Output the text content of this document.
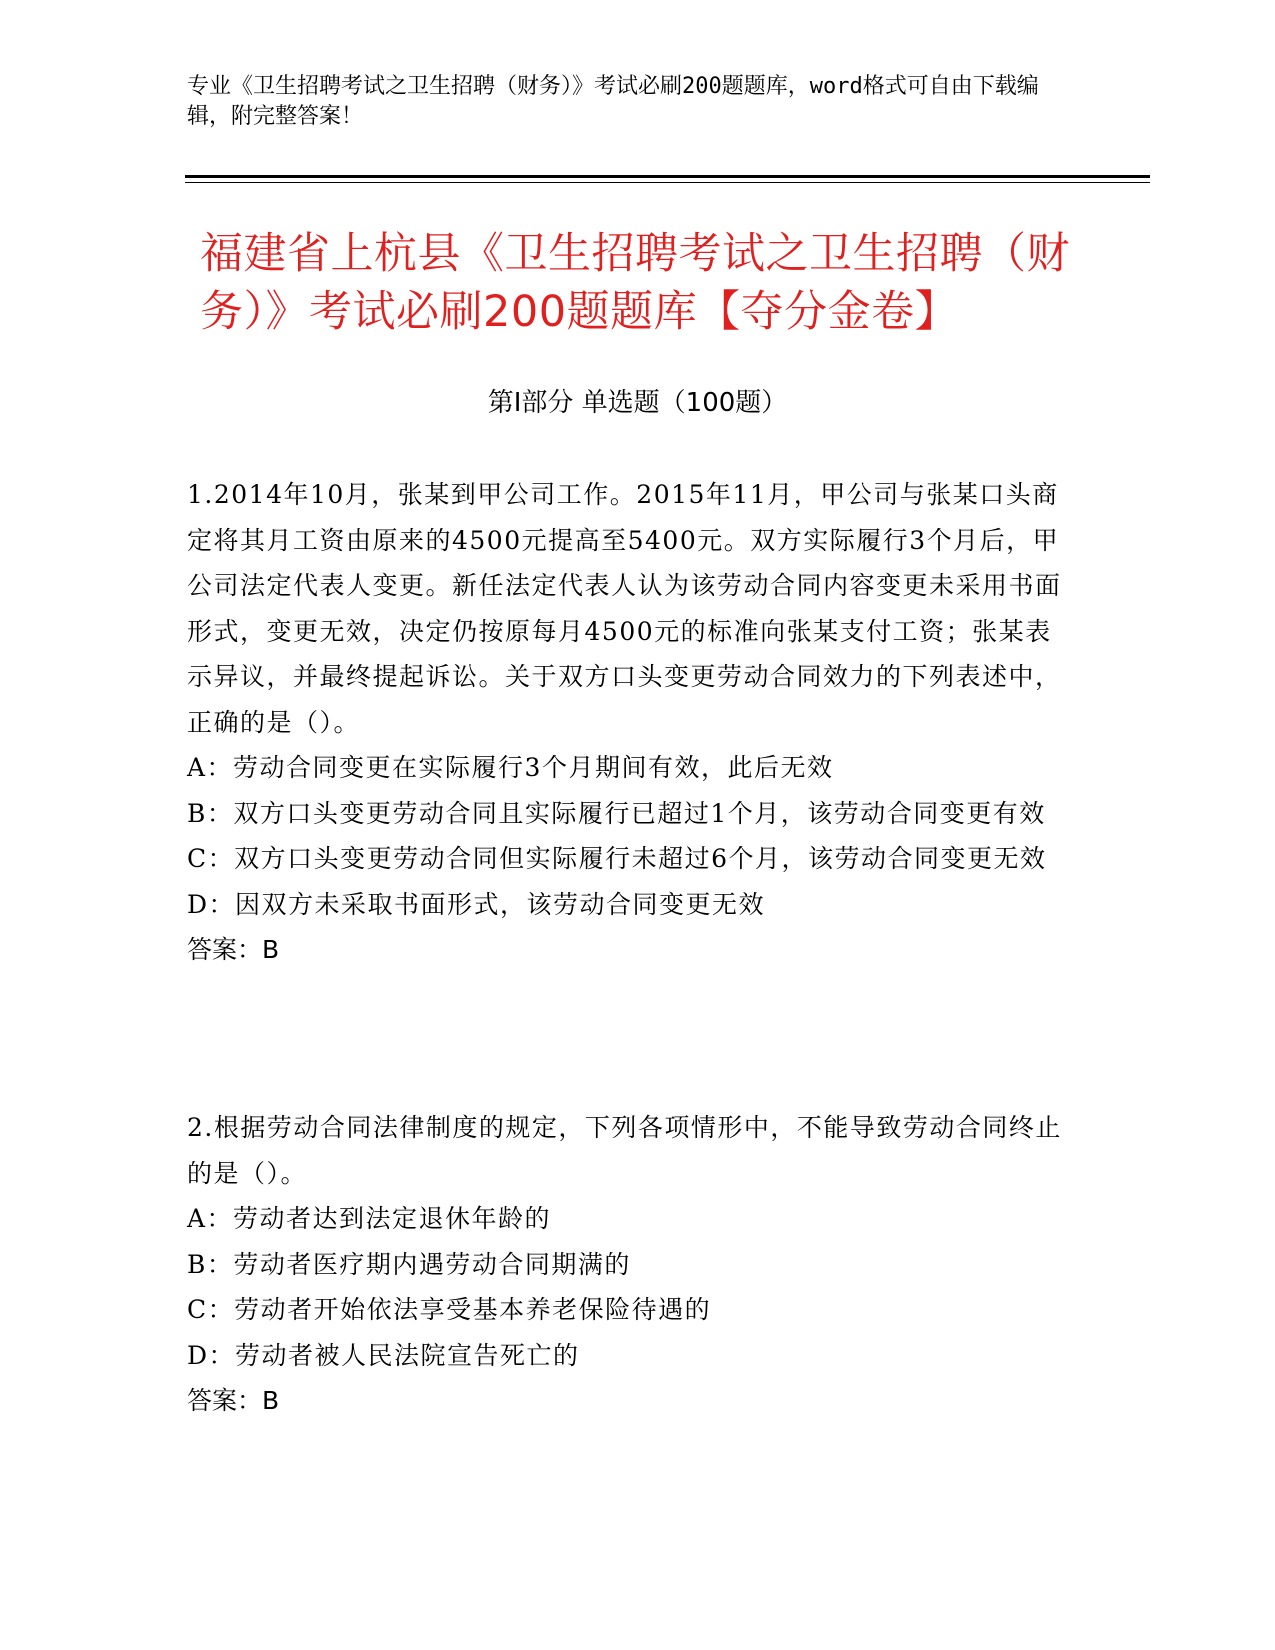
专业《卫生招聘考试之卫生招聘（财务）》考试必刷200题题库，word格式可自由下载编辑，附完整答案！
福建省上杭县《卫生招聘考试之卫生招聘（财务）》考试必刷200题题库【夺分金卷】
第I部分 单选题（100题）

1.2014年10月，张某到甲公司工作。2015年11月，甲公司与张某口头商定将其月工资由原来的4500元提高至5400元。双方实际履行3个月后，甲公司法定代表人变更。新任法定代表人认为该劳动合同内容变更未采用书面形式，变更无效，决定仍按原每月4500元的标准向张某支付工资；张某表示异议，并最终提起诉讼。关于双方口头变更劳动合同效力的下列表述中，正确的是（）。

A：劳动合同变更在实际履行3个月期间有效，此后无效

B：双方口头变更劳动合同且实际履行已超过1个月，该劳动合同变更有效

C：双方口头变更劳动合同但实际履行未超过6个月，该劳动合同变更无效

D：因双方未采取书面形式，该劳动合同变更无效

答案：B

2.根据劳动合同法律制度的规定，下列各项情形中，不能导致劳动合同终止的是（）。

A：劳动者达到法定退休年龄的

B：劳动者医疗期内遇劳动合同期满的

C：劳动者开始依法享受基本养老保险待遇的

D：劳动者被人民法院宣告死亡的

答案：B
